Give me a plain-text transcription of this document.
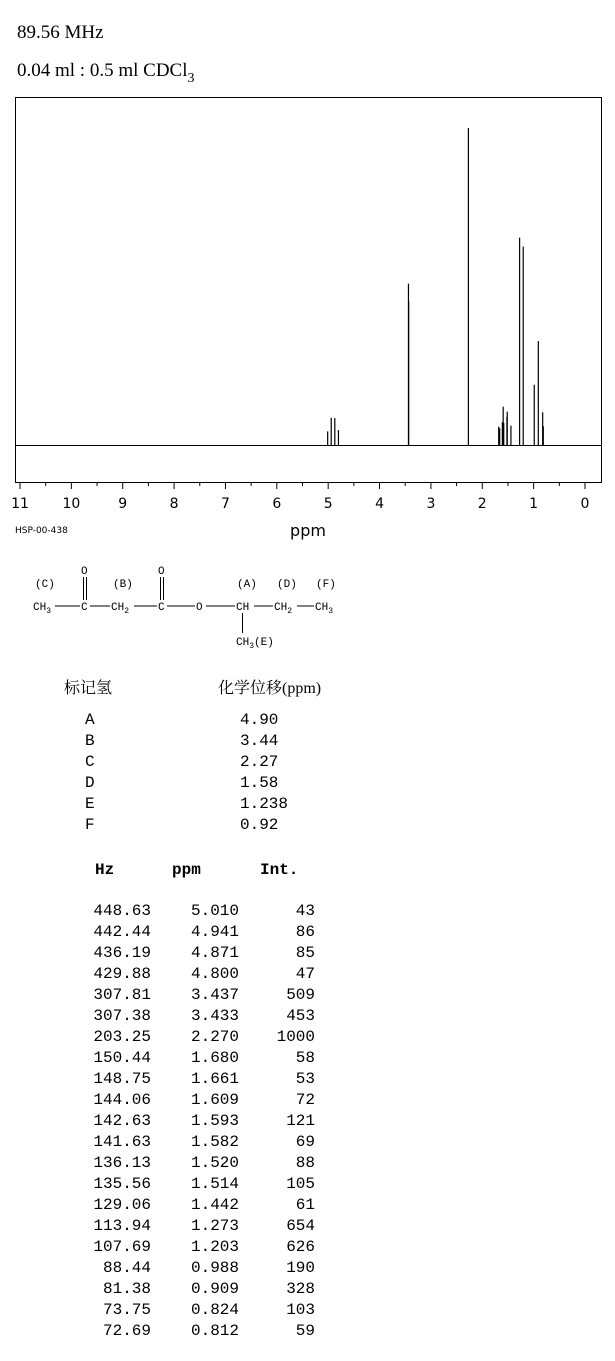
89.56 MHz
0.04 ml : 0.5 ml CDCl$_3$
11 10	9	8	7	6	5	4	3	2	1	0
ppm
HSP-00-438
(C)	(B)	(A) (D) (F)
O	O
$CH_3$	C $CH_2$	C	O	CH $CH_2$ $CH_3$
$CH_3(E)$
标记氢	化学位移(ppm)
A	4.90
B	3.44
C	2.27
D	1.58
E	1.238
F	0.92
Hz	ppm	Int.
448.63 5.010	43
442.44 4.941	86
436.19 4.871	85
429.88 4.800	47
307.81 3.437	509
307.38 3.433	453
203.25 2.270 1000
150.44 1.680	58
148.75 1.661	53
144.06 1.609	72
142.63 1.593	121
141.63 1.582	69
136.13 1.520	88
135.56 1.514	105
129.06 1.442	61
113.94 1.273	654
107.69 1.203	626
88.44 0.988	190
81.38 0.909	328
73.75 0.824	103
72.69 0.812	59
